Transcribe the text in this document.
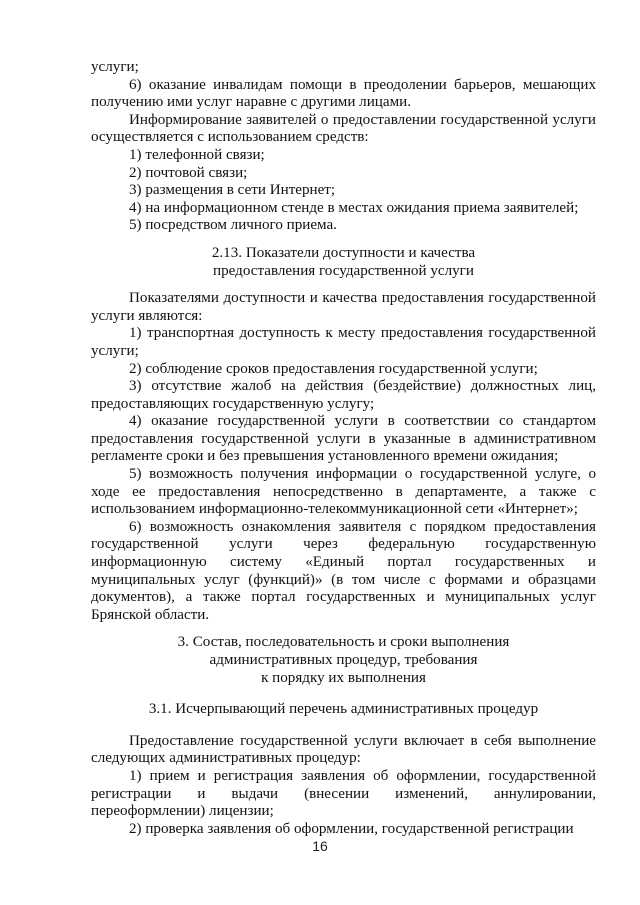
услуги;

6) оказание инвалидам помощи в преодолении барьеров, мешающих получению ими услуг наравне с другими лицами.

Информирование заявителей о предоставлении государственной услуги осуществляется с использованием средств:

1) телефонной связи;

2) почтовой связи;

3) размещения в сети Интернет;

4) на информационном стенде в местах ожидания приема заявителей;

5) посредством личного приема.

2.13. Показатели доступности и качества

предоставления государственной услуги

Показателями доступности и качества предоставления государственной услуги являются:

1) транспортная доступность к месту предоставления государственной услуги;

2) соблюдение сроков предоставления государственной услуги;

3) отсутствие жалоб на действия (бездействие) должностных лиц, предоставляющих государственную услугу;

4) оказание государственной услуги в соответствии со стандартом предоставления государственной услуги в указанные в административном регламенте сроки и без превышения установленного времени ожидания;

5) возможность получения информации о государственной услуге, о ходе ее предоставления непосредственно в департаменте, а также с использованием информационно-телекоммуникационной сети «Интернет»;

6) возможность ознакомления заявителя с порядком предоставления государственной услуги через федеральную государственную информационную систему «Единый портал государственных и муниципальных услуг (функций)» (в том числе с формами и образцами документов), а также портал государственных и муниципальных услуг Брянской области.

3. Состав, последовательность и сроки выполнения

административных процедур, требования

к порядку их выполнения

3.1. Исчерпывающий перечень административных процедур

Предоставление государственной услуги включает в себя выполнение следующих административных процедур:

1) прием и регистрация заявления об оформлении, государственной регистрации и выдачи (внесении изменений, аннулировании, переоформлении) лицензии;

2) проверка заявления об оформлении, государственной регистрации

16
